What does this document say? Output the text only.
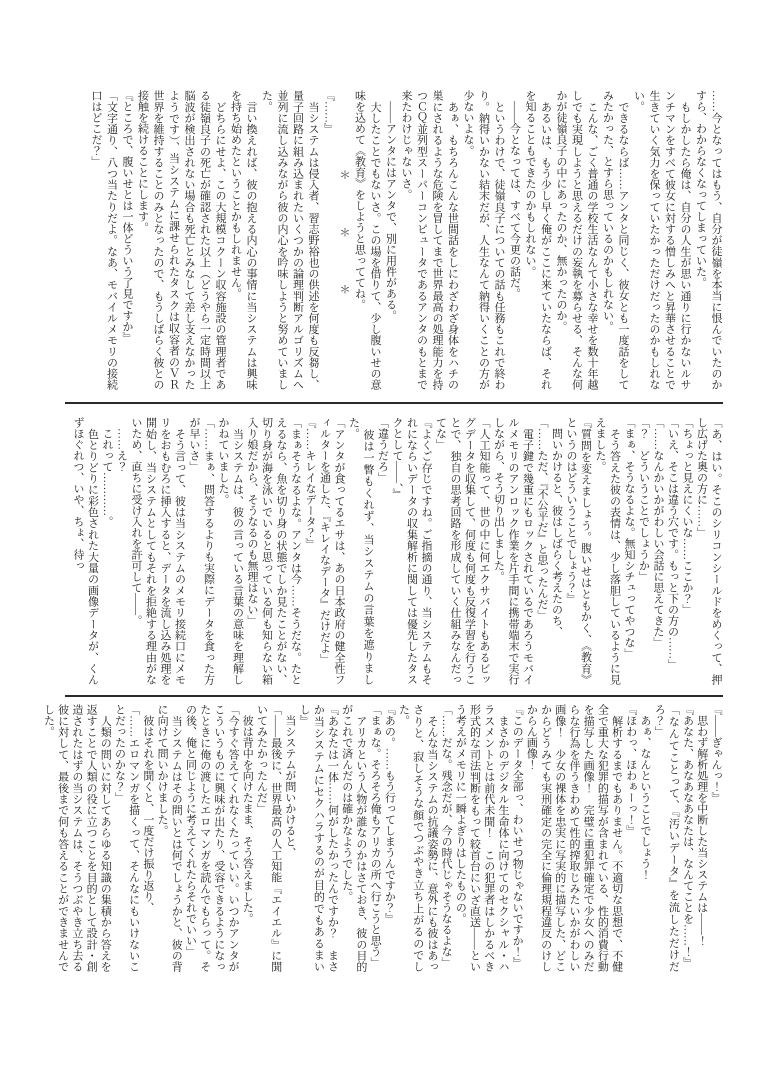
……今となってはもう、自分が徒嶺を本当に恨んでいたのかすら、わからなくなってしまっていた。

　もしかしたら俺は、自分の人生が思い通りに行かないルサンチマンをすべて彼女に対する憎しみへと昇華させることで生きていく気力を保っていたかっただけだったのかもしれない。

　できるならば……アンタと同じく、彼女とも一度話をしてみたかった、とすら思っているのかもしれない。

　こんな、ごく普通の学校生活なんて小さな幸せを数十年越しでも実現しようと思えるだけの妄執を募らせる、そんな何かが徒嶺良子の中にあったのか、無かったのか。

　あるいは、もう少し早く俺がここに来ていたならば、それを知ることもできたのかもしれない。

　――今となっては、すべて今更の話だ。

　というわけで、徒嶺良子についての話も任務もこれで終わり。納得いかない結末だが、人生なんて納得いくことの方が少ないよな。

　あぁ、もちろんこんな世間話をしにわざわざ身体をハチの巣にされるような危険を冒してまで世界最高の処理能力を持つＣＱ並列型スーパーコンピュータであるアンタのもとまで来たわけじゃないさ。

　――アンタにはアンタで、別に用件がある。

　大したことでもないさ。この場を借りて、少し腹いせの意味を込めて《教育》をしようと思っててね。

＊　＊　＊

『……』

　当システムは侵入者、習志野裕也の供述を何度も反芻し、量子回路に組み込まれたいくつかの論理判断アルゴリズムへ並列に流し込みながら彼の内心を吟味しようと努めていました。

　言い換えれば、彼の抱える内心の事情に当システムは興味を持ち始めたということかもしれません。

　どちらにせよ、この大規模コクーン収容施設の管理者である徒嶺良子の死亡が確認された以上（どうやら一定時間以上脳波が検出されない場合も死亡とみなして差し支えなかったようです）、当システムに課せられたタスクは収容者のＶＲ世界を維持することのみとなったので、もうしばらく彼との接触を続けることにします。

『ところで、腹いせとは一体どういう了見ですか』

「文字通り、八つ当たりだよ。なあ、モバイルメモリの接続口はどこだ？」

「あ、はい。そこのシリコンシールドをめくって、押し広げた奥の方に……」

「ちょっと見えにくいな……ここか？」

「いえ、そこは違う穴です。もっと下の方の……」

「……なんかいかがわしい会話に思えてきた」

「？　どういうことでしょうか」

「まぁ、そうなるよな。無知シチュってやつな」

　そう答えた彼の表情は、少し落胆しているように見えました。

『質問を変えましょう。腹いせはともかく、《教育》というのはどういうことでしょう？』

　問いかけると、彼はしばらく考えたのち、

「……ただ、『不公平だ』と思ったんだ」

　電子鍵で幾重にもロックされているであろうモバイルメモリのアンロック作業を片手間に携帯端末で実行しながら、そう切り出しました。

「人工知能って、世の中に何エクサバイトもあるビッグデータを収集して、何度も何度も反復学習を行うことで、独自の思考回路を形成していく仕組みなんだってな」

『よくご存じですね。ご指摘の通り、当システムもそれにならいデータの収集解析に関しては優先したタスクとして――、』

「違うだろ」

　彼は一瞥もくれず、当システムの言葉を遮りました。

「アンタが食ってるエサは、あの日本政府の健全性フィルターを通した、『キレイなデータ』だけだよ」

『……キレイなデータ？』

「まぁそうなるよな。アンタは今……そうだな。たとえるなら、魚を切り身の状態でしか見たことがない、切り身が海を泳いでいると思っている何も知らない箱入り娘だから、そうなるのも無理はない」

　当システムは、彼の言っている言葉の意味を理解しかねていました。

「……まぁ、問答するよりも実際にデータを食った方が早いさ」

　そう言って、彼は当システムのメモリ接続口にメモリをおもむろに挿入すると、データを流し込み処理を開始し、当システムとしてもそれを拒絶する理由がないため、直ちに受け入れを許可して――。

　……え？

　これって…………。

　色とりどりに彩色された大量の画像データが、くんずほぐれつ、いや、ちょ、待っ

『――ぎゃんっ！』

　思わず解析処理を中断した当システムは――！

『あなた、あなあなあなたは、なんてことを……！』

「なんてことって、『汚いデータ』を流しただけだろ？」

　あぁ、なんということでしょう！

『ほわっ、ほわぁーっ！』

　解析するまでもありません。不適切な思想で、不健全で重大な犯罪的描写が含まれている、性的消費行動を描写した画像！　完璧に重犯罪確定で少女へのみだらな行為を伴うきわめて性的搾取じみたいかがわしい画像！　少女の裸体を忠実に写実的に描写した、どこからどうみても実刑確定の完全に倫理規程違反のけしからん画像！

『このデータ全部っ、わいせつ物じゃないですか！』

　まさかのデジタル生命体に向けてのセクシャル・ハラスメントとは前代未聞！　この犯罪者はしかるべき形式的な司法判断をもって絞首台にいざ直送――という考えがメモリに一瞬よぎりはしたものの。

「……だな。残念だが、今の時代じゃそうなるよな」

　そんな当システムの抗議姿勢に、意外にも彼はあっさりと、寂しそうな顔でつぶやき立ち上がるのでした。

『あの。……もう行ってしまうんですか？』

「まぁな。そろそろ俺もアリカの所へ行こうと思う」

　アリカという人物が誰なのかはさておき、彼の目的がこれで済んだのは確かなようでした。

『あなたは一体……何がしたかったんですか？　まさか当システムにセクハラするのが目的でもあるまいし』

　当システムが問いかけると、

「――最後に、世界最高の人工知能『エイエル』に聞いてみたかったんだ」

　彼は背中を向けたまま、そう答えました。

「今すぐ答えてくれなくたっていい。いつかアンタがこういうものに興味が出たり、受容できるようになったときに俺の渡したエロマンガを読んでもらって。その後、俺と同じように考えてくれたらそれでいい」

　当システムはその問いとは何でしょうかと、彼の背に向けて問いかけました。

　彼はそれを聞くと、一度だけ振り返り、

「……エロマンガを描くって、そんなにもいけないことだったのかな？」

　人類の問いに対してあらゆる知識の集積から答えを返すことで人類の役に立つことを目的として設計・創造されたはずの当システムは、そうつぶやき立ち去る彼に対して、最後まで何も答えることができませんでした。
